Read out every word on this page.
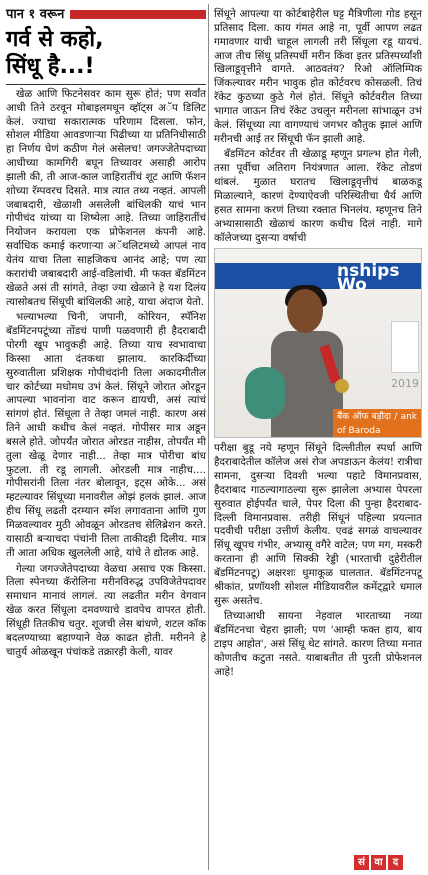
पान १ वरून
गर्व से कहो,
सिंधू है...!

खेळ आणि फिटनेसवर काम सुरू होतं; पण सर्वांत आधी तिने ठरवून मोबाइलमधून व्हॉट्स अॅप डिलिट केलं. ज्याचा सकारात्मक परिणाम दिसला. फोन, सोशल मीडिया आवडणाऱ्या पिढीच्या या प्रतिनिधीसाठी हा निर्णय घेणं कठीण गेलं असेलच! जगज्जेतेपदाच्या आधीच्या कामगिरी बघून तिच्यावर असाही आरोप झाली की, ती आज-काल जाहिरातींचं शूट आणि फॅशन शोच्या रॅम्पवरच दिसते. मात्र त्यात तथ्य नव्हतं. आपली जबाबदारी, खेळाशी असलेली बांधिलकी याचं भान गोपीचंद यांच्या या शिष्येला आहे. तिच्या जाहिरातींचं नियोजन करायला एक प्रोफेशनल कंपनी आहे. सर्वाधिक कमाई करणाऱ्या अॅथलिटमध्ये आपलं नाव येतंय याचा तिला साहजिकच आनंद आहे; पण त्या करारांची जबाबदारी आई-वडिलांची. मी फक्त बॅडमिंटन खेळते असं ती सांगते, तेव्हा ज्या खेळाने हे यश दिलंय त्यासोबतच सिंधूची बांधिलकी आहे, याचा अंदाज येतो.

भल्याभल्या चिनी, जपानी, कोरियन, स्पॅनिश बॅडमिंटनपटूंच्या तोंडचं पाणी पळवणारी ही हैदराबादी पोरगी खूप भावुकही आहे. तिच्या याच स्वभावाचा किस्सा आता दंतकथा झालाय. कारकिर्दीच्या सुरुवातीला प्रशिक्षक गोपीचंदांनी तिला अकादमीतील चार कोर्टच्या मधोमध उभं केलं. सिंधूने जोरात ओरडून आपल्या भावनांना वाट करून द्यायची, असं त्यांचं सांगणं होतं. सिंधूला ते तेव्हा जमलं नाही. कारण असं तिने आधी कधीच केलं नव्हतं. गोपीसर मात्र अडून बसले होते. जोपर्यंत जोरात ओरडत नाहीस, तोपर्यंत मी तुला खेळू देणार नाही... तेव्हा मात्र पोरीचा बांध फुटला. ती रडू लागली. ओरडली मात्र नाहीच.... गोपीसरांनी तिला नंतर बोलावून, इट्स ओके... असं म्हटल्यावर सिंधूच्या मनावरील ओझं हलकं झालं. आज हीच सिंधू लढती दरम्यान स्मॅश लगावताना आणि गुण मिळवल्यावर मुठी ओवळून ओरडतच सेलिब्रेशन करते. यासाठी बऱ्याचदा पंचांनी तिला ताकीदही दिलीय. मात्र ती आता अधिक खुललेली आहे, यांचे ते द्योतक आहे.

गेल्या जगज्जेतेपदाच्या वेळचा असाच एक किस्सा. तिला स्पेनच्या कॅरोलिना मरीनविरुद्ध उपविजेतेपदावर समाधान मानावं लागलं. त्या लढतीत मरीन वेगवान खेळ करत सिंधूला दमवण्याचे डावपेच वापरत होती. सिंधूही तितकीच चतुर. शूजची लेस बांधणे, शटल कॉक बदलण्याच्या बहाण्याने वेळ काढत होती. मरीनने हे चातुर्य ओळखून पंचांकडे तक्रारही केली, यावर

सिंधूने आपल्या या कोर्टबाहेरील घट्ट मैत्रिणीला गोड हसून प्रतिसाद दिला. काय गंमत आहे ना, पूर्वी आपण लढत गमावणार याची चाहूल लागली तरी सिंधूला रडू यायचं. आज तीच सिंधू प्रतिस्पर्धी मरीन किंवा इतर प्रतिस्पर्ध्यांशी खिलाडूवृत्तीने वागते. आठवतंय? रिओ ऑलिम्पिक जिंकल्यावर मरीन भावुक होत कोर्टवरच कोसळली. तिचं रॅकेट कुठच्या कुठे गेलं होतं. सिंधूने कोर्टवरील तिच्या भागात जाऊन तिचं रॅकेट उचलून मरीनला सांभाळून उभं केलं. सिंधूच्या त्या वागण्याचं जगभर कौतुक झालं आणि मरीनची आई तर सिंधूची फॅन झाली आहे.

बॅडमिंटन कोर्टवर ती खेळाडू म्हणून प्रगल्भ होत गेली, तसा पूर्वीचा अतिराग नियंत्रणात आला. रॅकेट तोडणं थांबलं. मुळात घरातच खिलाडूवृत्तीचं बाळकडू मिळाल्याने, कारणं देण्याऐवजी परिस्थितीचा धैर्य आणि हसत सामना करणं तिच्या रक्तात भिनलंय. म्हणूनच तिने अभ्यासासाठी खेळाचं कारण कधीच दिलं नाही. मागे कॉलेजच्या दुसऱ्या वर्षाची

nships Wo
2019
बैंक ऑफ बड़ौदा / ank of Baroda

परीक्षा बुडू नये म्हणून सिंधूने दिल्लीतील स्पर्धा आणि हैदराबादेतील कॉलेज असं रोज अपडाऊन केलंय! रात्रीचा सामना, दुसऱ्या दिवशी भल्या पहाटे विमानप्रवास, हैदराबाद गाठल्यागाठल्या सुरू झालेला अभ्यास पेपरला सुरुवात होईपर्यंत चाले, पेपर दिला की पुन्हा हैदराबाद-दिल्ली विमानप्रवास. तरीही सिंधूनं पहिल्या प्रयत्नात पदवीची परीक्षा उत्तीर्ण केलीय. एवढं सगळं वाचल्यावर सिंधू खूपच गंभीर, अभ्यासू वगैरे वाटेल; पण मग, मस्करी करताना ही आणि सिक्की रेड्डी (भारताची दुहेरीतील बॅडमिंटनपटू) अक्षरशः धुमाकूळ घालतात. बॅडमिंटनपटू श्रीकांत, प्रणॉयशी सोशल मीडियावरील कमेंट्द्वारे धमाल सुरू असतेच.

तिच्याआधी सायना नेहवाल भारताच्या नव्या बॅडमिंटनचा चेहरा झाली; पण 'आम्ही फक्त हाय, बाय टाइप आहोत', असं सिंधू थेट सांगते. कारण तिच्या मनात कोणतीच कटुता नसते. याबाबतीत ती पुरती प्रोफेशनल आहे!

सं वा	द
